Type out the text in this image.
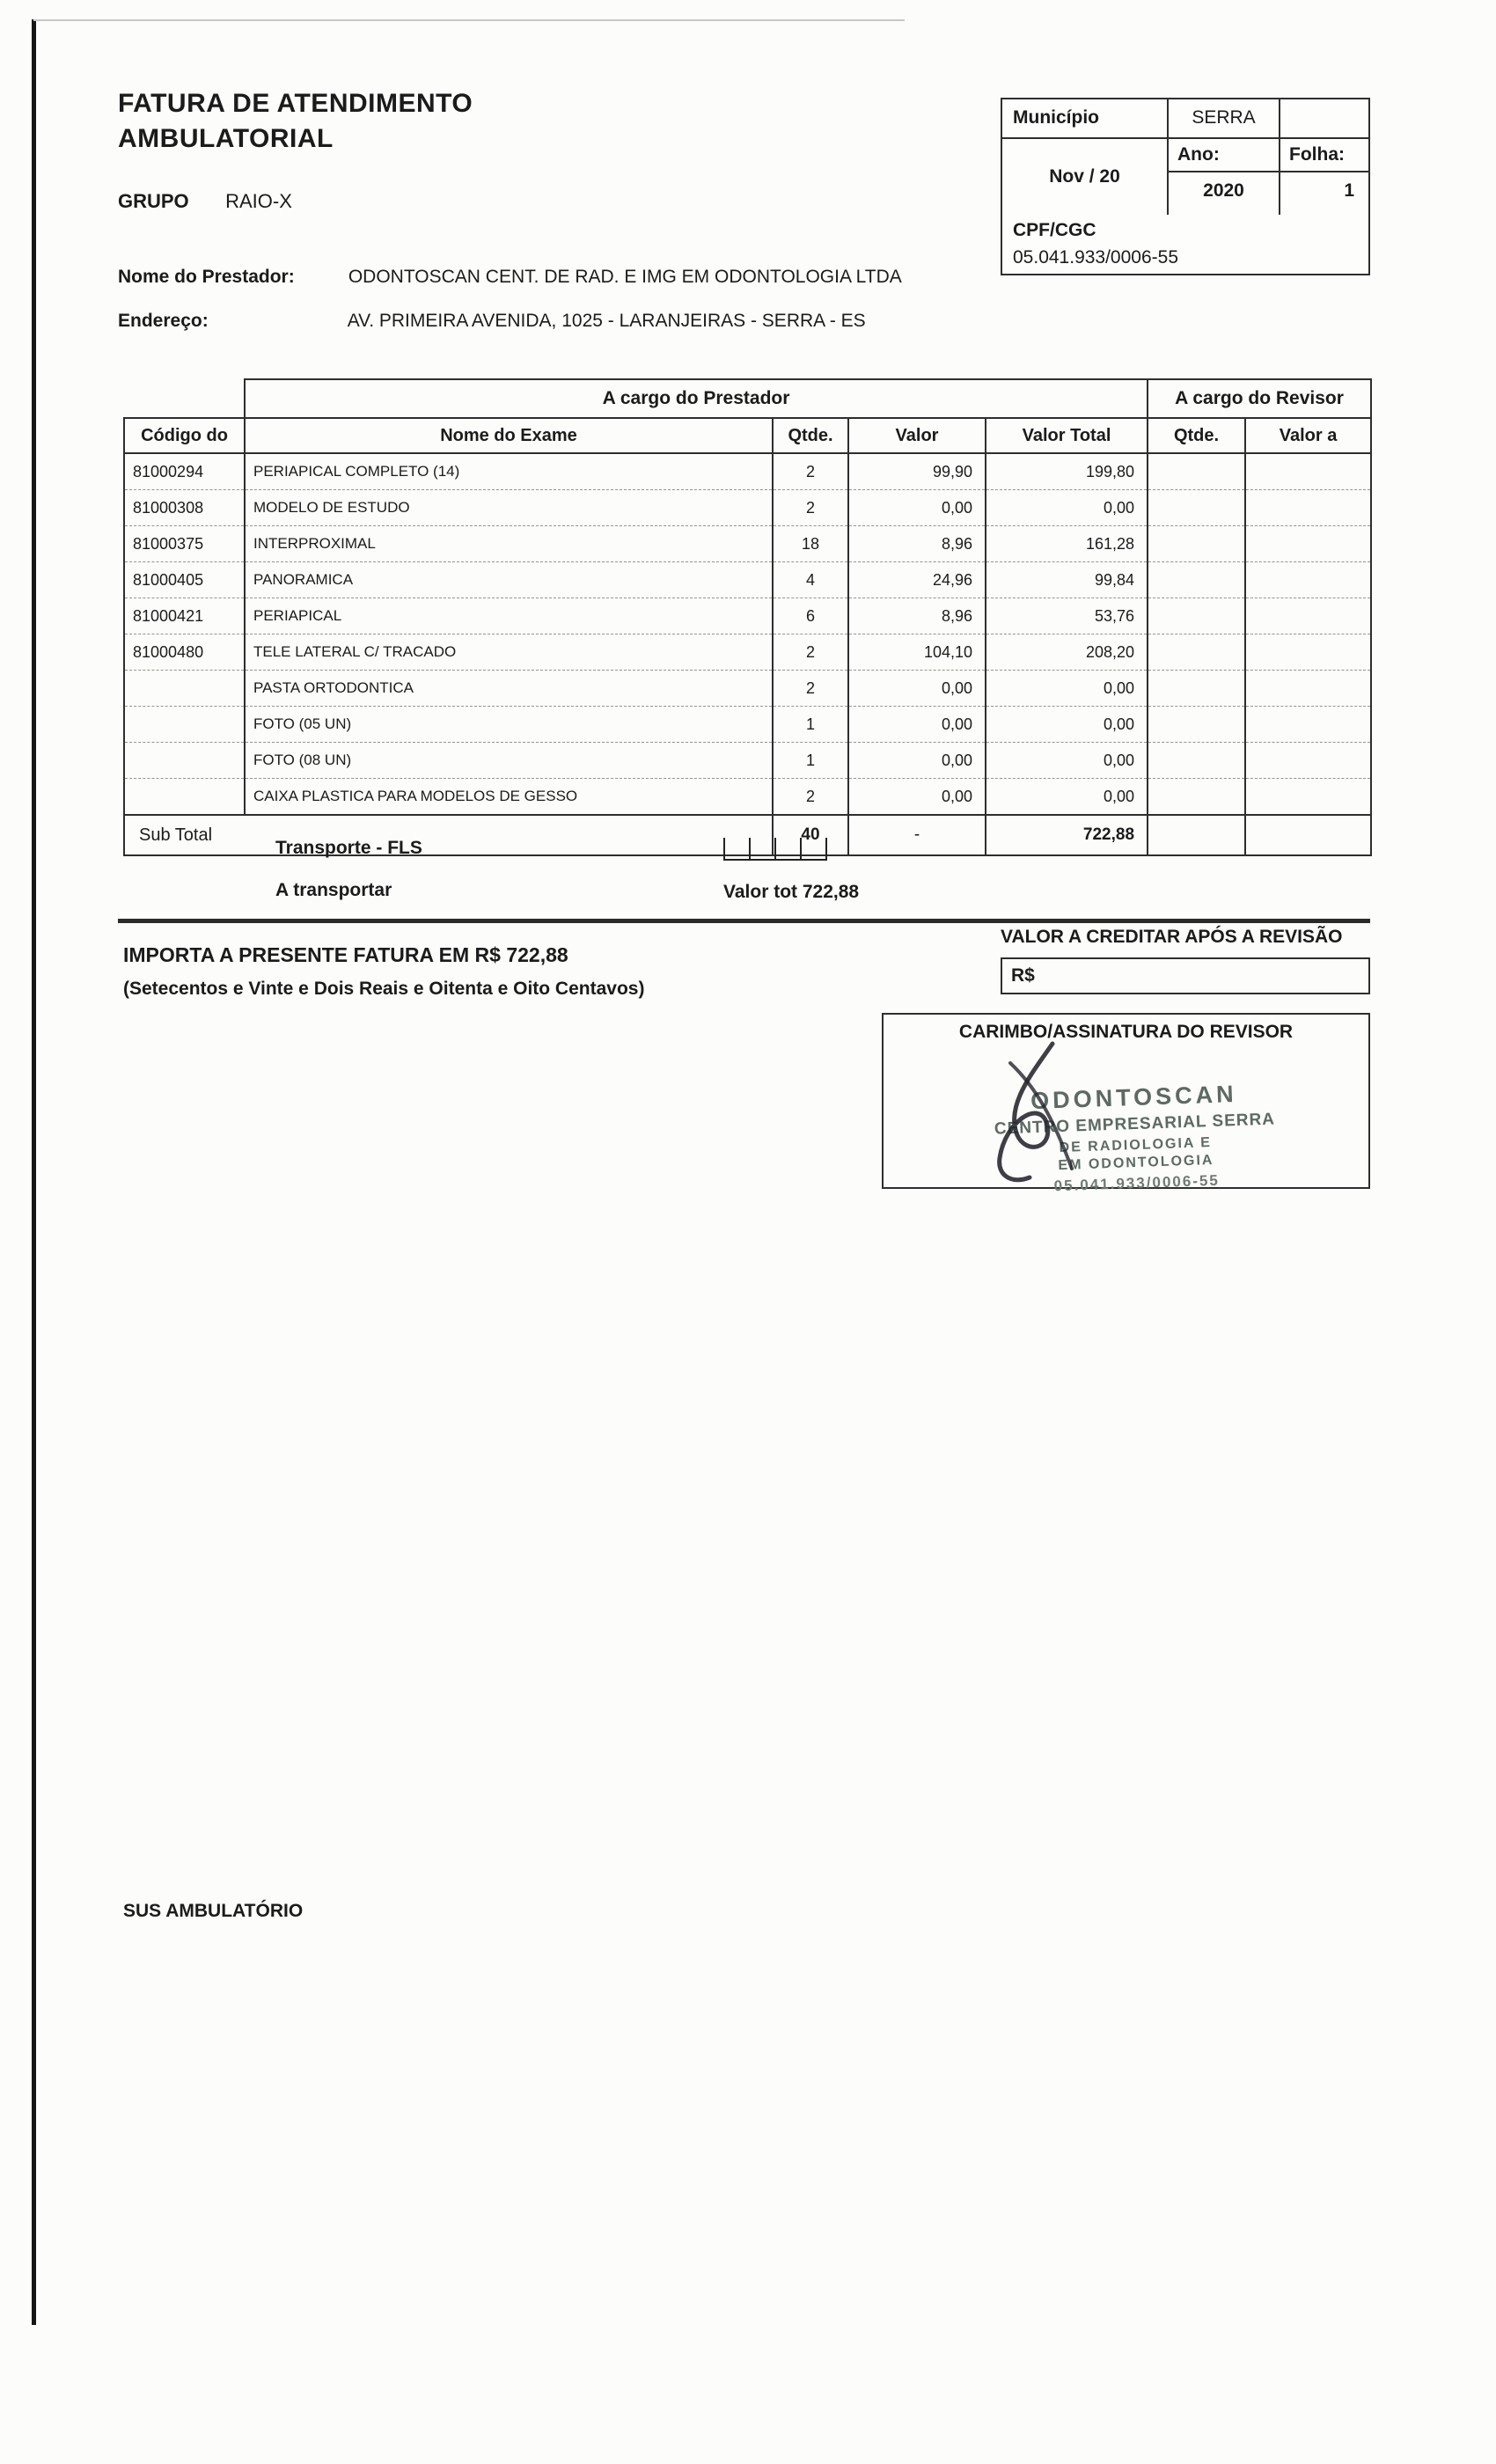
FATURA DE ATENDIMENTO
AMBULATORIAL
GRUPO RAIO-X
Município	SERRA
Nov / 20
Ano:	Folha:
2020	1
CPF/CGC
05.041.933/0006-55
Nome do Prestador:	ODONTOSCAN CENT. DE RAD. E IMG EM ODONTOLOGIA LTDA
Endereço:	AV. PRIMEIRA AVENIDA, 1025 - LARANJEIRAS - SERRA - ES
	A cargo do Prestador				A cargo do Revisor	
Código do	Nome do Exame	Qtde.	Valor	Valor Total	Qtde.	Valor a
81000294	PERIAPICAL COMPLETO (14)	2	99,90	199,80		
81000308	MODELO DE ESTUDO	2	0,00	0,00		
81000375	INTERPROXIMAL	18	8,96	161,28		
81000405	PANORAMICA	4	24,96	99,84		
81000421	PERIAPICAL	6	8,96	53,76		
81000480	TELE LATERAL C/ TRACADO	2	104,10	208,20		
	PASTA ORTODONTICA	2	0,00	0,00		
	FOTO (05 UN)	1	0,00	0,00		
	FOTO (08 UN)	1	0,00	0,00		
	CAIXA PLASTICA PARA MODELOS DE GESSO	2	0,00	0,00		
Sub Total		40	-	722,88		
Transporte - FLS
A transportar	Valor tot 722,88
IMPORTA A PRESENTE FATURA EM R$ 722,88
(Setecentos e Vinte e Dois Reais e Oitenta e Oito Centavos)
VALOR A CREDITAR APÓS A REVISÃO
R$
CARIMBO/ASSINATURA DO REVISOR
ODONTOSCAN
CENTRO EMPRESARIAL SERRA
DE RADIOLOGIA E
EM ODONTOLOGIA
05.041.933/0006-55
SUS AMBULATÓRIO
